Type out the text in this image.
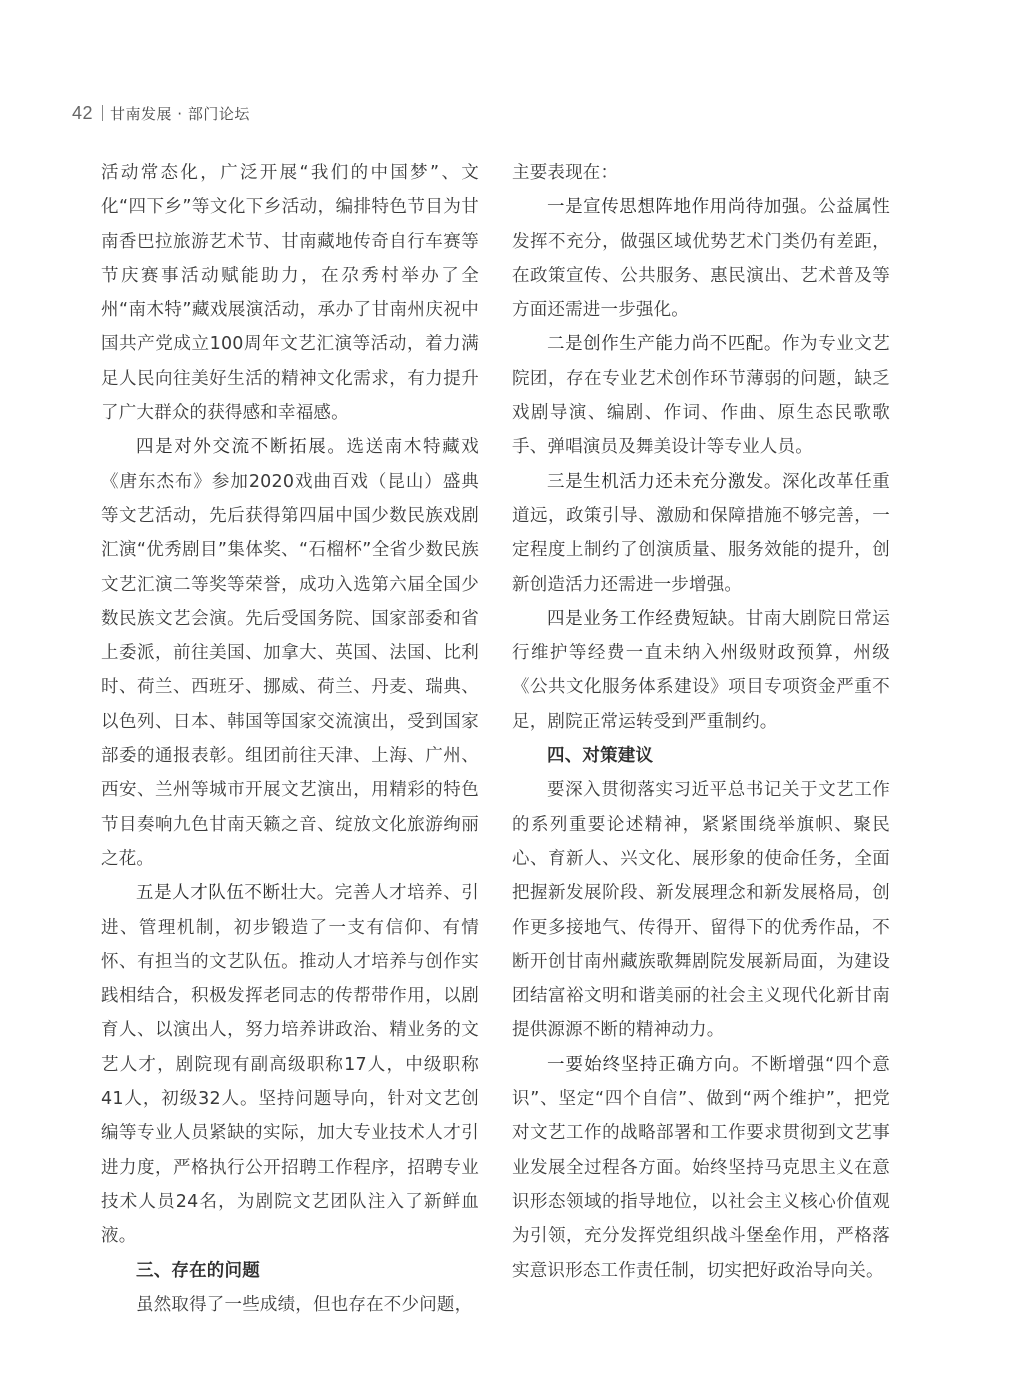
42 甘南发展 · 部门论坛

活动常态化，广泛开展“我们的中国梦”、文化“四下乡”等文化下乡活动，编排特色节目为甘南香巴拉旅游艺术节、甘南藏地传奇自行车赛等节庆赛事活动赋能助力，在尕秀村举办了全州“南木特”藏戏展演活动，承办了甘南州庆祝中国共产党成立100周年文艺汇演等活动，着力满足人民向往美好生活的精神文化需求，有力提升了广大群众的获得感和幸福感。

四是对外交流不断拓展。选送南木特藏戏《唐东杰布》参加2020戏曲百戏（昆山）盛典等文艺活动，先后获得第四届中国少数民族戏剧汇演“优秀剧目”集体奖、“石榴杯”全省少数民族文艺汇演二等奖等荣誉，成功入选第六届全国少数民族文艺会演。先后受国务院、国家部委和省上委派，前往美国、加拿大、英国、法国、比利时、荷兰、西班牙、挪威、荷兰、丹麦、瑞典、以色列、日本、韩国等国家交流演出，受到国家部委的通报表彰。组团前往天津、上海、广州、西安、兰州等城市开展文艺演出，用精彩的特色节目奏响九色甘南天籁之音、绽放文化旅游绚丽之花。

五是人才队伍不断壮大。完善人才培养、引进、管理机制，初步锻造了一支有信仰、有情怀、有担当的文艺队伍。推动人才培养与创作实践相结合，积极发挥老同志的传帮带作用，以剧育人、以演出人，努力培养讲政治、精业务的文艺人才，剧院现有副高级职称17人，中级职称41人，初级32人。坚持问题导向，针对文艺创编等专业人员紧缺的实际，加大专业技术人才引进力度，严格执行公开招聘工作程序，招聘专业技术人员24名，为剧院文艺团队注入了新鲜血液。

三、存在的问题

虽然取得了一些成绩，但也存在不少问题，

主要表现在：

一是宣传思想阵地作用尚待加强。公益属性发挥不充分，做强区域优势艺术门类仍有差距，在政策宣传、公共服务、惠民演出、艺术普及等方面还需进一步强化。

二是创作生产能力尚不匹配。作为专业文艺院团，存在专业艺术创作环节薄弱的问题，缺乏戏剧导演、编剧、作词、作曲、原生态民歌歌手、弹唱演员及舞美设计等专业人员。

三是生机活力还未充分激发。深化改革任重道远，政策引导、激励和保障措施不够完善，一定程度上制约了创演质量、服务效能的提升，创新创造活力还需进一步增强。

四是业务工作经费短缺。甘南大剧院日常运行维护等经费一直未纳入州级财政预算，州级《公共文化服务体系建设》项目专项资金严重不足，剧院正常运转受到严重制约。

四、对策建议

要深入贯彻落实习近平总书记关于文艺工作的系列重要论述精神，紧紧围绕举旗帜、聚民心、育新人、兴文化、展形象的使命任务，全面把握新发展阶段、新发展理念和新发展格局，创作更多接地气、传得开、留得下的优秀作品，不断开创甘南州藏族歌舞剧院发展新局面，为建设团结富裕文明和谐美丽的社会主义现代化新甘南提供源源不断的精神动力。

一要始终坚持正确方向。不断增强“四个意识”、坚定“四个自信”、做到“两个维护”，把党对文艺工作的战略部署和工作要求贯彻到文艺事业发展全过程各方面。始终坚持马克思主义在意识形态领域的指导地位，以社会主义核心价值观为引领，充分发挥党组织战斗堡垒作用，严格落实意识形态工作责任制，切实把好政治导向关。
